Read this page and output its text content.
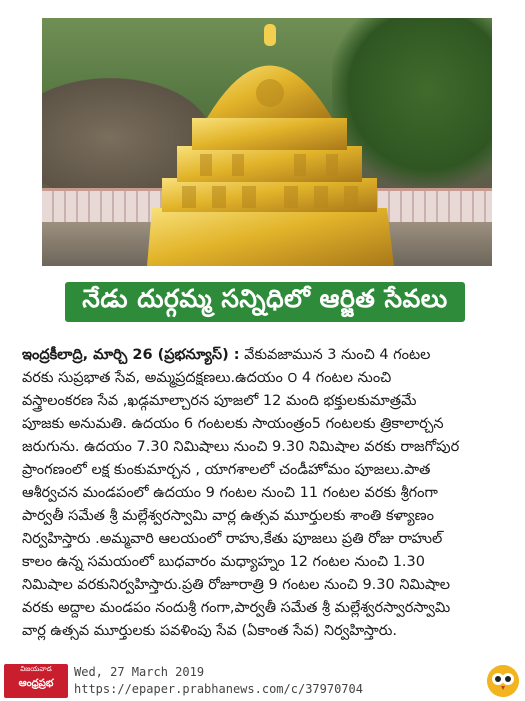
నేడు దుర్గమ్మ సన్నిధిలో ఆర్జిత సేవలు
ఇంద్రకీలాద్రి, మార్చి 26 (ప్రభన్యూస్) : వేకువజామున 3 నుంచి 4 గంటల
వరకు సుప్రభాత సేవ, అమ్మప్రదక్షణలు.ఉదయం ౦ 4 గంటల నుంచి
వస్త్రాలంకరణ సేవ ,ఖడ్గమాల్చారన పూజలో 12 మంది భక్తులకుమాత్రమే
పూజకు అనుమతి. ఉదయం 6 గంటలకు సాయంత్రం5 గంటలకు త్రికాలార్చన
జరుగును. ఉదయం 7.30 నిమిషాలు నుంచి 9.30 నిమిషాల వరకు రాజగోపుర
ప్రాంగణంలో లక్ష కుంకుమార్చన , యాగశాలలో చండీహోమం పూజలు.పాత
ఆశీర్వచన మండపంలో ఉదయం 9 గంటల నుంచి 11 గంటల వరకు శ్రీగంగా
పార్వతీ సమేత శ్రీ మల్లేశ్వరస్వామి వార్ల ఉత్సవ మూర్తులకు శాంతి కళ్యాణం
నిర్వహిస్తారు .అమ్మవారి ఆలయంలో రాహు,కేతు పూజలు ప్రతి రోజు రాహుల్
కాలం ఉన్న సమయంలో బుధవారం మధ్యాహ్నం 12 గంటల నుంచి 1.30
నిమిషాల వరకునిర్వహిస్తారు.ప్రతి రోజూరాత్రి 9 గంటల నుంచి 9.30 నిమిషాల
వరకు అద్దాల మండపం నందుశ్రీ గంగా,పార్వతీ సమేత శ్రీ మల్లేశ్వరస్వారస్వామి
వార్ల ఉత్సవ మూర్తులకు పవళింపు సేవ (ఏకాంత సేవ) నిర్వహిస్తారు.
విజయవాడ
ఆంధ్రప్రభ
Wed, 27 March 2019
https://epaper.prabhanews.com/c/37970704
